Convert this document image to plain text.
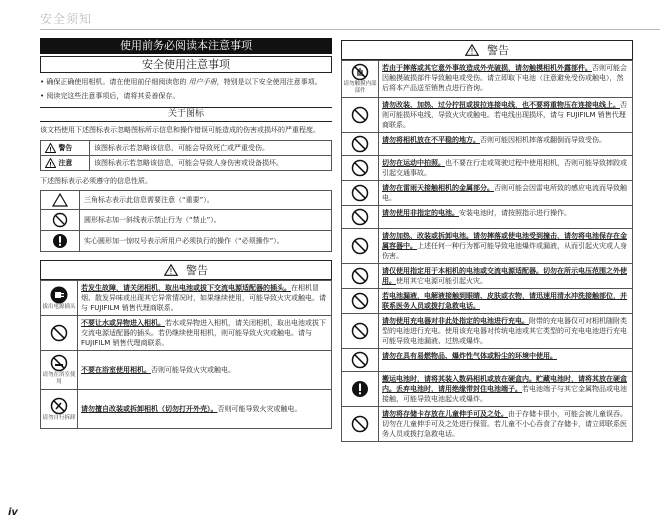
安全须知
使用前务必阅读本注意事项
安全使用注意事项
• 确保正确使用相机。请在使用前仔细阅读您的 用户手册，特别是以下安全使用注意事项。
• 阅读完这些注意事项后，请将其妥善保存。
关于图标
该文档使用下述图标表示忽略图标所示信息和操作错误可能造成的伤害或损坏的严重程度。
! 警告	该图标表示若忽略该信息，可能会导致死亡或严重受伤。

! 注意	该图标表示若忽略该信息，可能会导致人身伤害或设备损坏。
下述图标表示必须遵守的信息性质。
	三角标志表示此信息需要注意（“重要”）。
	圆形标志加一斜线表示禁止行为（“禁止”）。
	实心圆形加一惊叹号表示所用户必须执行的操作（“必须操作”）。
! 警告
拔出电源插头	若发生故障，请关闭相机，取出电池或拔下交流电源适配器的插头。在相机冒烟、散发异味或出现其它异常情况时，如果继续使用，可能导致火灾或触电。请与 FUJIFILM 销售代理商联系。
	不要让水或异物进入相机。若水或异物进入相机，请关闭相机，取出电池或拔下交流电源适配器的插头。若仍继续使用相机，则可能导致火灾或触电。请与 FUJIFILM 销售代理商联系。

请勿在浴室使用	不要在浴室使用相机。否则可能导致火灾或触电。

请勿自行拆卸	请勿擅自改装或拆卸相机（切勿打开外壳）。否则可能导致火灾或触电。
! 警告
请勿触摸内部部件	若由于摔落或其它意外事故造成外壳破损，请勿触摸相机外露部件。否则可能会因触摸破损部件导致触电或受伤。请立即取下电池（注意避免受伤或触电），然后将本产品送至销售点进行咨询。
	请勿改装、加热、过分拧扭或拔拉连接电线，也不要将重物压在连接电线上。否则可能损坏电线，导致火灾或触电。若电线出现损坏，请与 FUJIFILM 销售代理商联系。
	请勿将相机放在不平稳的地方。否则可能因相机摔落或翻倒而导致受伤。
	切勿在运动中拍照。也不要在行走或驾驶过程中使用相机，否则可能导致摔跤或引起交通事故。
	请勿在雷雨天接触相机的金属部分。否则可能会因雷电所致的感应电流而导致触电。
	请勿使用非指定的电池。安装电池时，请按照指示进行操作。
	请勿加热、改装或拆卸电池。请勿摔落或使电池受到撞击，请勿将电池保存在金属容器中。上述任何一种行为都可能导致电池爆炸或漏液，从而引起火灾或人身伤害。
	请仅使用指定用于本相机的电池或交流电源适配器。切勿在所示电压范围之外使用。使用其它电源可能引起火灾。
	若电池漏液，电解液接触到眼睛、皮肤或衣物，请迅速用清水冲洗接触部位，并联系医务人员或拨打急救电话。
	请勿使用充电器对非此处指定的电池进行充电。附带的充电器仅可对相机随附类型的电池进行充电。使用该充电器对传统电池或其它类型的可充电电池进行充电可能导致电池漏液、过热或爆炸。
	请勿在具有易燃物品、爆炸性气体或粉尘的环境中使用。
	搬运电池时，请将其装入数码相机或放在硬盒内。贮藏电池时，请将其放在硬盒内。丢弃电池时，请用绝缘带封住电池端子。若电池端子与其它金属物品或电池接触，可能导致电池起火或爆炸。
	请勿将存储卡存放在儿童伸手可及之处。由于存储卡很小，可能会被儿童误吞。切勿在儿童伸手可及之处进行保管。若儿童不小心吞食了存储卡，请立即联系医务人员或拨打急救电话。
iv
